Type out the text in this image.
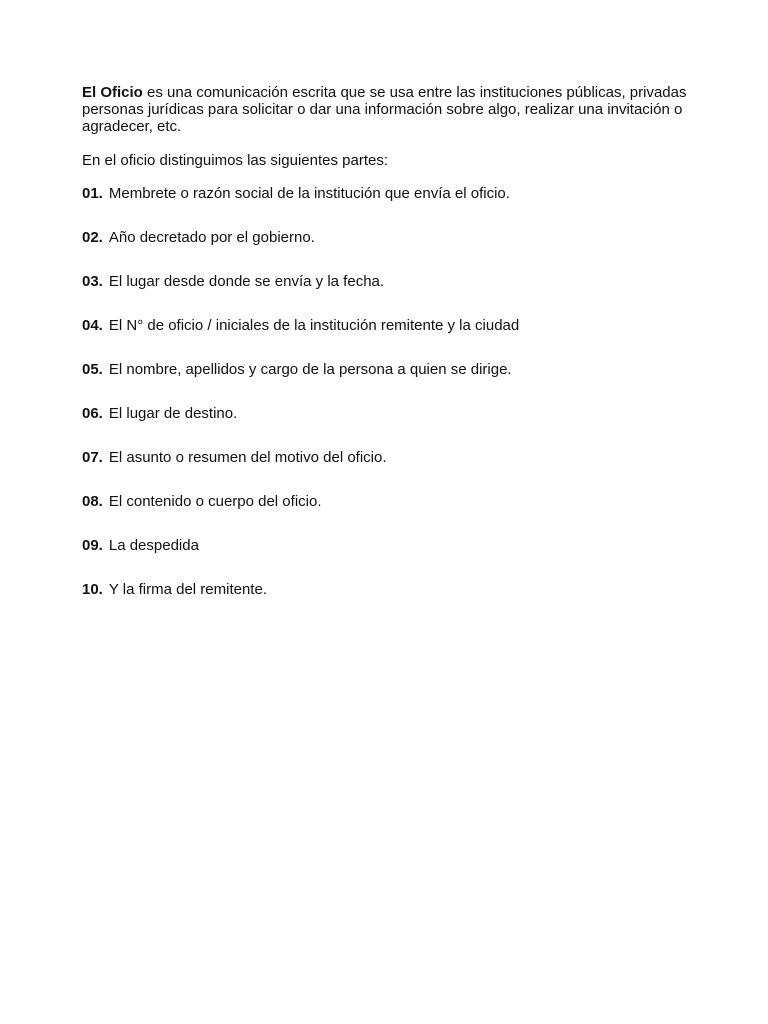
El Oficio es una comunicación escrita que se usa entre las instituciones públicas, privadas personas jurídicas para solicitar o dar una información sobre algo, realizar una invitación o agradecer, etc.

En el oficio distinguimos las siguientes partes:

01. Membrete o razón social de la institución que envía el oficio.
02. Año decretado por el gobierno.
03. El lugar desde donde se envía y la fecha.
04. El N° de oficio / iniciales de la institución remitente y la ciudad
05. El nombre, apellidos y cargo de la persona a quien se dirige.
06. El lugar de destino.
07. El asunto o resumen del motivo del oficio.
08. El contenido o cuerpo del oficio.
09. La despedida
10. Y la firma del remitente.
